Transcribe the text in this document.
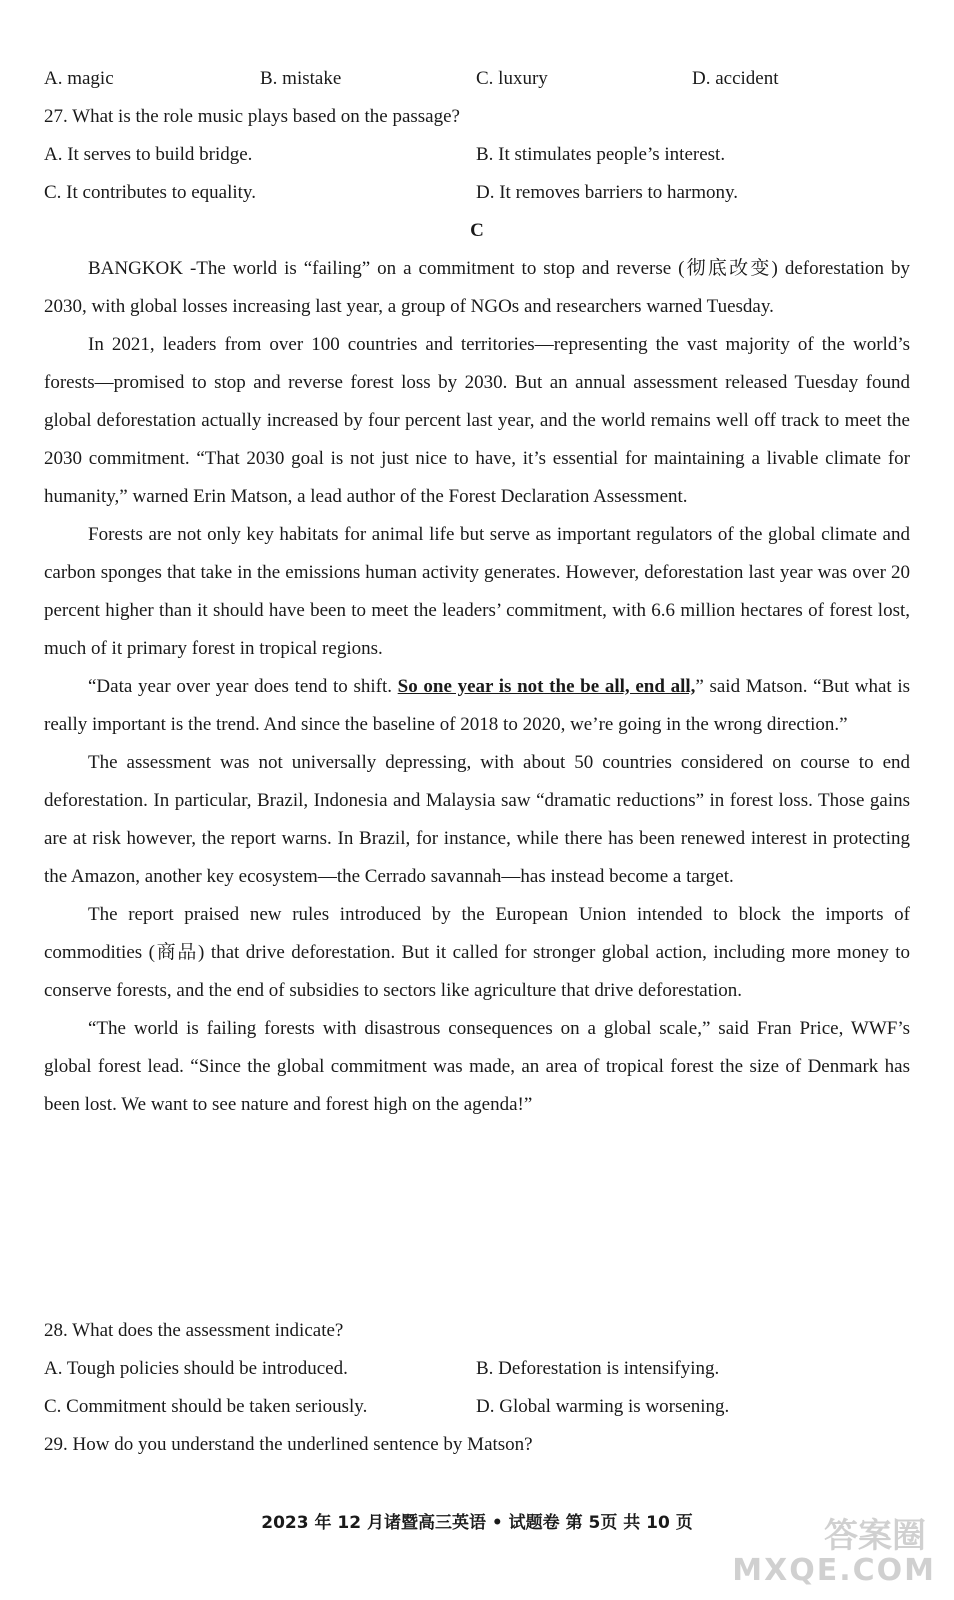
A. magic	B. mistake	C. luxury	D. accident
27. What is the role music plays based on the passage?
A. It serves to build bridge.	B. It stimulates people’s interest.
C. It contributes to equality.	D. It removes barriers to harmony.
C

BANGKOK -The world is “failing” on a commitment to stop and reverse (彻底改变) deforestation by 2030, with global losses increasing last year, a group of NGOs and researchers warned Tuesday.

In 2021, leaders from over 100 countries and territories—representing the vast majority of the world’s forests—promised to stop and reverse forest loss by 2030. But an annual assessment released Tuesday found global deforestation actually increased by four percent last year, and the world remains well off track to meet the 2030 commitment. “That 2030 goal is not just nice to have, it’s essential for maintaining a livable climate for humanity,” warned Erin Matson, a lead author of the Forest Declaration Assessment.

Forests are not only key habitats for animal life but serve as important regulators of the global climate and carbon sponges that take in the emissions human activity generates. However, deforestation last year was over 20 percent higher than it should have been to meet the leaders’ commitment, with 6.6 million hectares of forest lost, much of it primary forest in tropical regions.

“Data year over year does tend to shift. So one year is not the be all, end all,” said Matson. “But what is really important is the trend. And since the baseline of 2018 to 2020, we’re going in the wrong direction.”

The assessment was not universally depressing, with about 50 countries considered on course to end deforestation. In particular, Brazil, Indonesia and Malaysia saw “dramatic reductions” in forest loss. Those gains are at risk however, the report warns. In Brazil, for instance, while there has been renewed interest in protecting the Amazon, another key ecosystem—the Cerrado savannah—has instead become a target.

The report praised new rules introduced by the European Union intended to block the imports of commodities (商品) that drive deforestation. But it called for stronger global action, including more money to conserve forests, and the end of subsidies to sectors like agriculture that drive deforestation.

“The world is failing forests with disastrous consequences on a global scale,” said Fran Price, WWF’s global forest lead. “Since the global commitment was made, an area of tropical forest the size of Denmark has been lost. We want to see nature and forest high on the agenda!”

28. What does the assessment indicate?
A. Tough policies should be introduced.	B. Deforestation is intensifying.
C. Commitment should be taken seriously.	D. Global warming is worsening.
29. How do you understand the underlined sentence by Matson?
2023 年 12 月诸暨高三英语 • 试题卷 第 5页 共 10 页	答案圈
MXQE.COM
